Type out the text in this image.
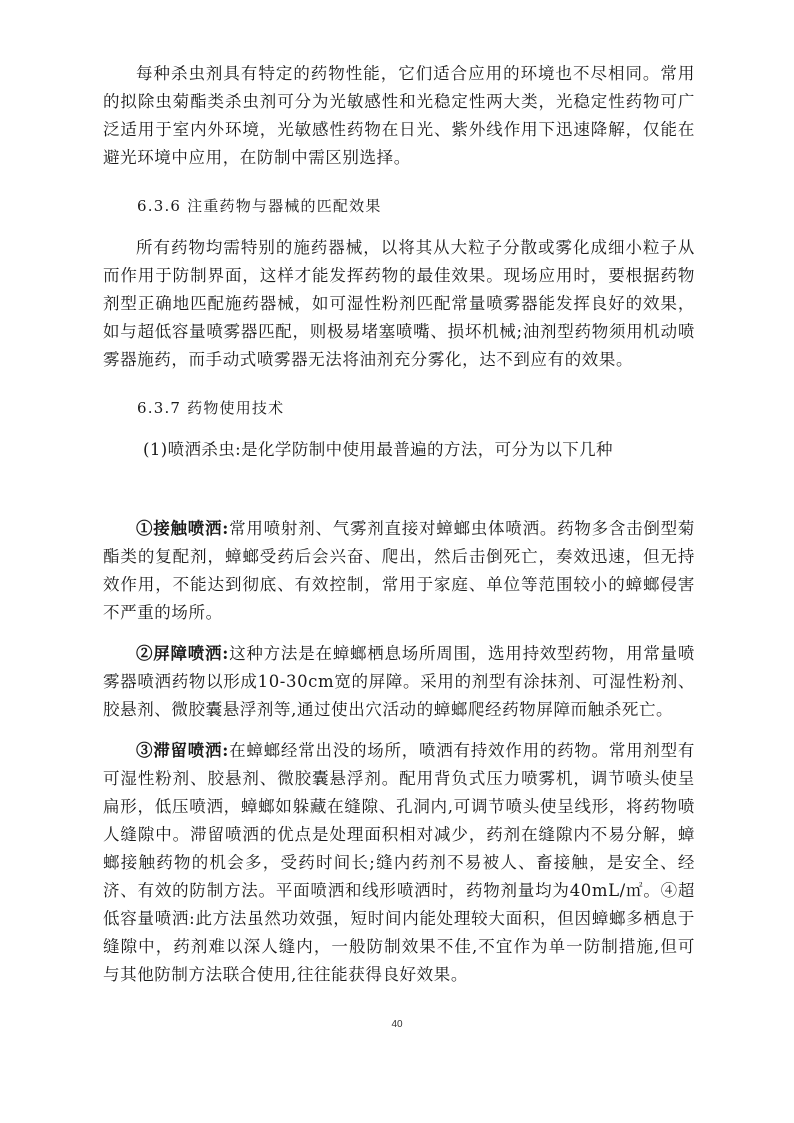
每种杀虫剂具有特定的药物性能，它们适合应用的环境也不尽相同。常用的拟除虫菊酯类杀虫剂可分为光敏感性和光稳定性两大类，光稳定性药物可广泛适用于室内外环境，光敏感性药物在日光、紫外线作用下迅速降解，仅能在避光环境中应用，在防制中需区别选择。

6.3.6 注重药物与器械的匹配效果

所有药物均需特别的施药器械，以将其从大粒子分散或雾化成细小粒子从而作用于防制界面，这样才能发挥药物的最佳效果。现场应用时，要根据药物剂型正确地匹配施药器械，如可湿性粉剂匹配常量喷雾器能发挥良好的效果，如与超低容量喷雾器匹配，则极易堵塞喷嘴、损坏机械;油剂型药物须用机动喷雾器施药，而手动式喷雾器无法将油剂充分雾化，达不到应有的效果。

6.3.7 药物使用技术

(1)喷洒杀虫:是化学防制中使用最普遍的方法，可分为以下几种

①接触喷洒:常用喷射剂、气雾剂直接对蟑螂虫体喷洒。药物多含击倒型菊酯类的复配剂，蟑螂受药后会兴奋、爬出，然后击倒死亡，奏效迅速，但无持效作用，不能达到彻底、有效控制，常用于家庭、单位等范围较小的蟑螂侵害不严重的场所。

②屏障喷洒:这种方法是在蟑螂栖息场所周围，选用持效型药物，用常量喷雾器喷洒药物以形成10-30cm宽的屏障。采用的剂型有涂抹剂、可湿性粉剂、胶悬剂、微胶囊悬浮剂等,通过使出穴活动的蟑螂爬经药物屏障而触杀死亡。

③滞留喷洒:在蟑螂经常出没的场所，喷洒有持效作用的药物。常用剂型有可湿性粉剂、胶悬剂、微胶囊悬浮剂。配用背负式压力喷雾机，调节喷头使呈扁形，低压喷洒，蟑螂如躲藏在缝隙、孔洞内,可调节喷头使呈线形，将药物喷人缝隙中。滞留喷洒的优点是处理面积相对减少，药剂在缝隙内不易分解，蟑螂接触药物的机会多，受药时间长;缝内药剂不易被人、畜接触，是安全、经济、有效的防制方法。平面喷洒和线形喷洒时，药物剂量均为40mL/㎡。④超低容量喷洒:此方法虽然功效强，短时间内能处理较大面积，但因蟑螂多栖息于缝隙中，药剂难以深人缝内，一般防制效果不佳,不宜作为单一防制措施,但可与其他防制方法联合使用,往往能获得良好效果。

40
